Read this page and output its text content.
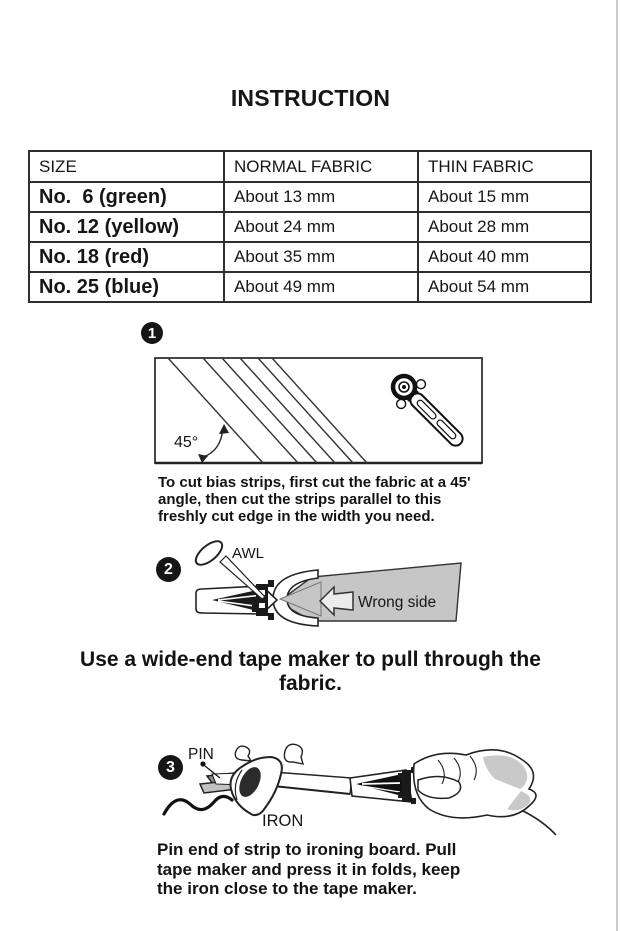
INSTRUCTION
SIZE	NORMAL FABRIC	THIN FABRIC
No.  6 (green)	About 13 mm	About 15 mm
No. 12 (yellow)	About 24 mm	About 28 mm
No. 18 (red)	About 35 mm	About 40 mm
No. 25 (blue)	About 49 mm	About 54 mm
1
45°
To cut bias strips, first cut the fabric at a 45'
angle, then cut the strips parallel to this
freshly cut edge in the width you need.
2
AWL
Wrong side
Use a wide-end tape maker to pull through the
fabric.
3
PIN
IRON
Pin end of strip to ironing board. Pull
tape maker and press it in folds, keep
the iron close to the tape maker.
